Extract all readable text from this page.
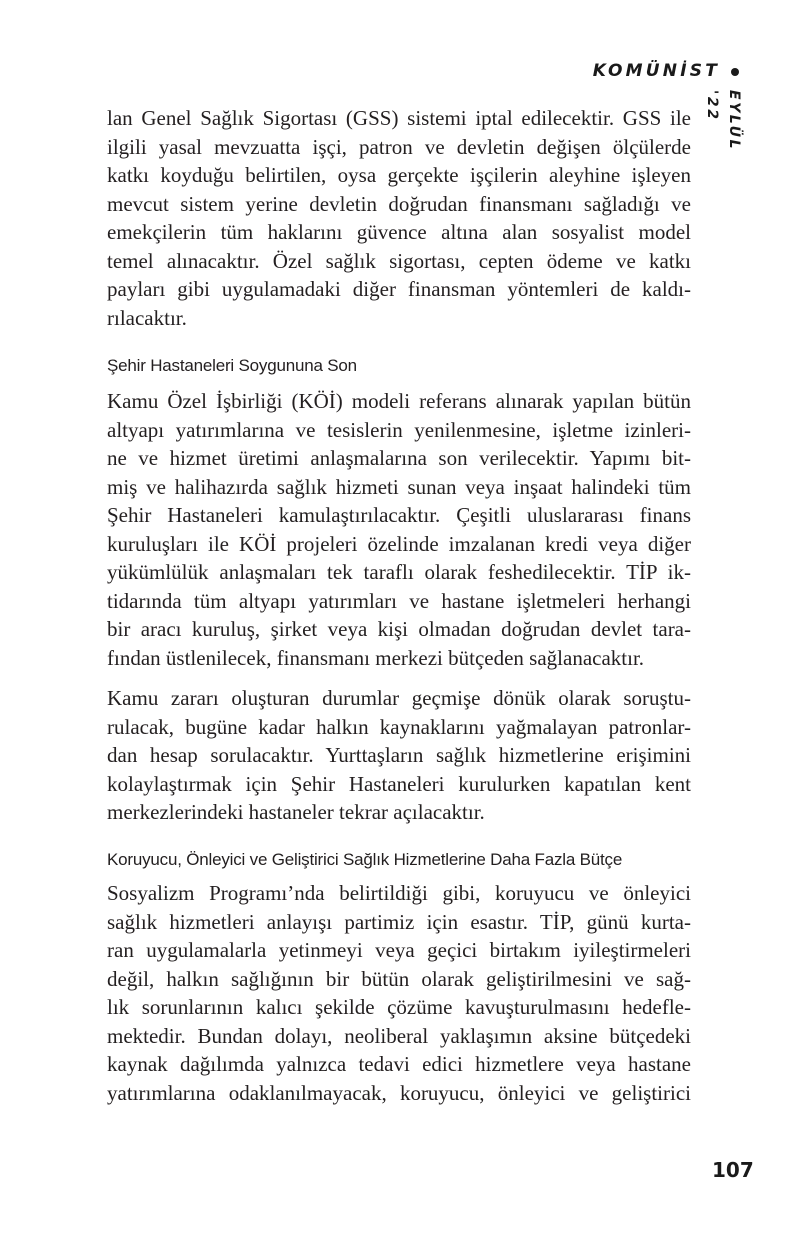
KOMÜNİST
EYLÜL '22
lan Genel Sağlık Sigortası (GSS) sistemi iptal edilecektir. GSS ile
ilgili yasal mevzuatta işçi, patron ve devletin değişen ölçülerde
katkı koyduğu belirtilen, oysa gerçekte işçilerin aleyhine işleyen
mevcut sistem yerine devletin doğrudan finansmanı sağladığı ve
emekçilerin tüm haklarını güvence altına alan sosyalist model
temel alınacaktır. Özel sağlık sigortası, cepten ödeme ve katkı
payları gibi uygulamadaki diğer finansman yöntemleri de kaldı-
rılacaktır.
Şehir Hastaneleri Soygununa Son
Kamu Özel İşbirliği (KÖİ) modeli referans alınarak yapılan bütün
altyapı yatırımlarına ve tesislerin yenilenmesine, işletme izinleri-
ne ve hizmet üretimi anlaşmalarına son verilecektir. Yapımı bit-
miş ve halihazırda sağlık hizmeti sunan veya inşaat halindeki tüm
Şehir Hastaneleri kamulaştırılacaktır. Çeşitli uluslararası finans
kuruluşları ile KÖİ projeleri özelinde imzalanan kredi veya diğer
yükümlülük anlaşmaları tek taraflı olarak feshedilecektir. TİP ik-
tidarında tüm altyapı yatırımları ve hastane işletmeleri herhangi
bir aracı kuruluş, şirket veya kişi olmadan doğrudan devlet tara-
fından üstlenilecek, finansmanı merkezi bütçeden sağlanacaktır.
Kamu zararı oluşturan durumlar geçmişe dönük olarak soruştu-
rulacak, bugüne kadar halkın kaynaklarını yağmalayan patronlar-
dan hesap sorulacaktır. Yurttaşların sağlık hizmetlerine erişimini
kolaylaştırmak için Şehir Hastaneleri kurulurken kapatılan kent
merkezlerindeki hastaneler tekrar açılacaktır.
Koruyucu, Önleyici ve Geliştirici Sağlık Hizmetlerine Daha Fazla Bütçe
Sosyalizm Programı’nda belirtildiği gibi, koruyucu ve önleyici
sağlık hizmetleri anlayışı partimiz için esastır. TİP, günü kurta-
ran uygulamalarla yetinmeyi veya geçici birtakım iyileştirmeleri
değil, halkın sağlığının bir bütün olarak geliştirilmesini ve sağ-
lık sorunlarının kalıcı şekilde çözüme kavuşturulmasını hedefle-
mektedir. Bundan dolayı, neoliberal yaklaşımın aksine bütçedeki
kaynak dağılımda yalnızca tedavi edici hizmetlere veya hastane
yatırımlarına odaklanılmayacak, koruyucu, önleyici ve geliştirici
107
